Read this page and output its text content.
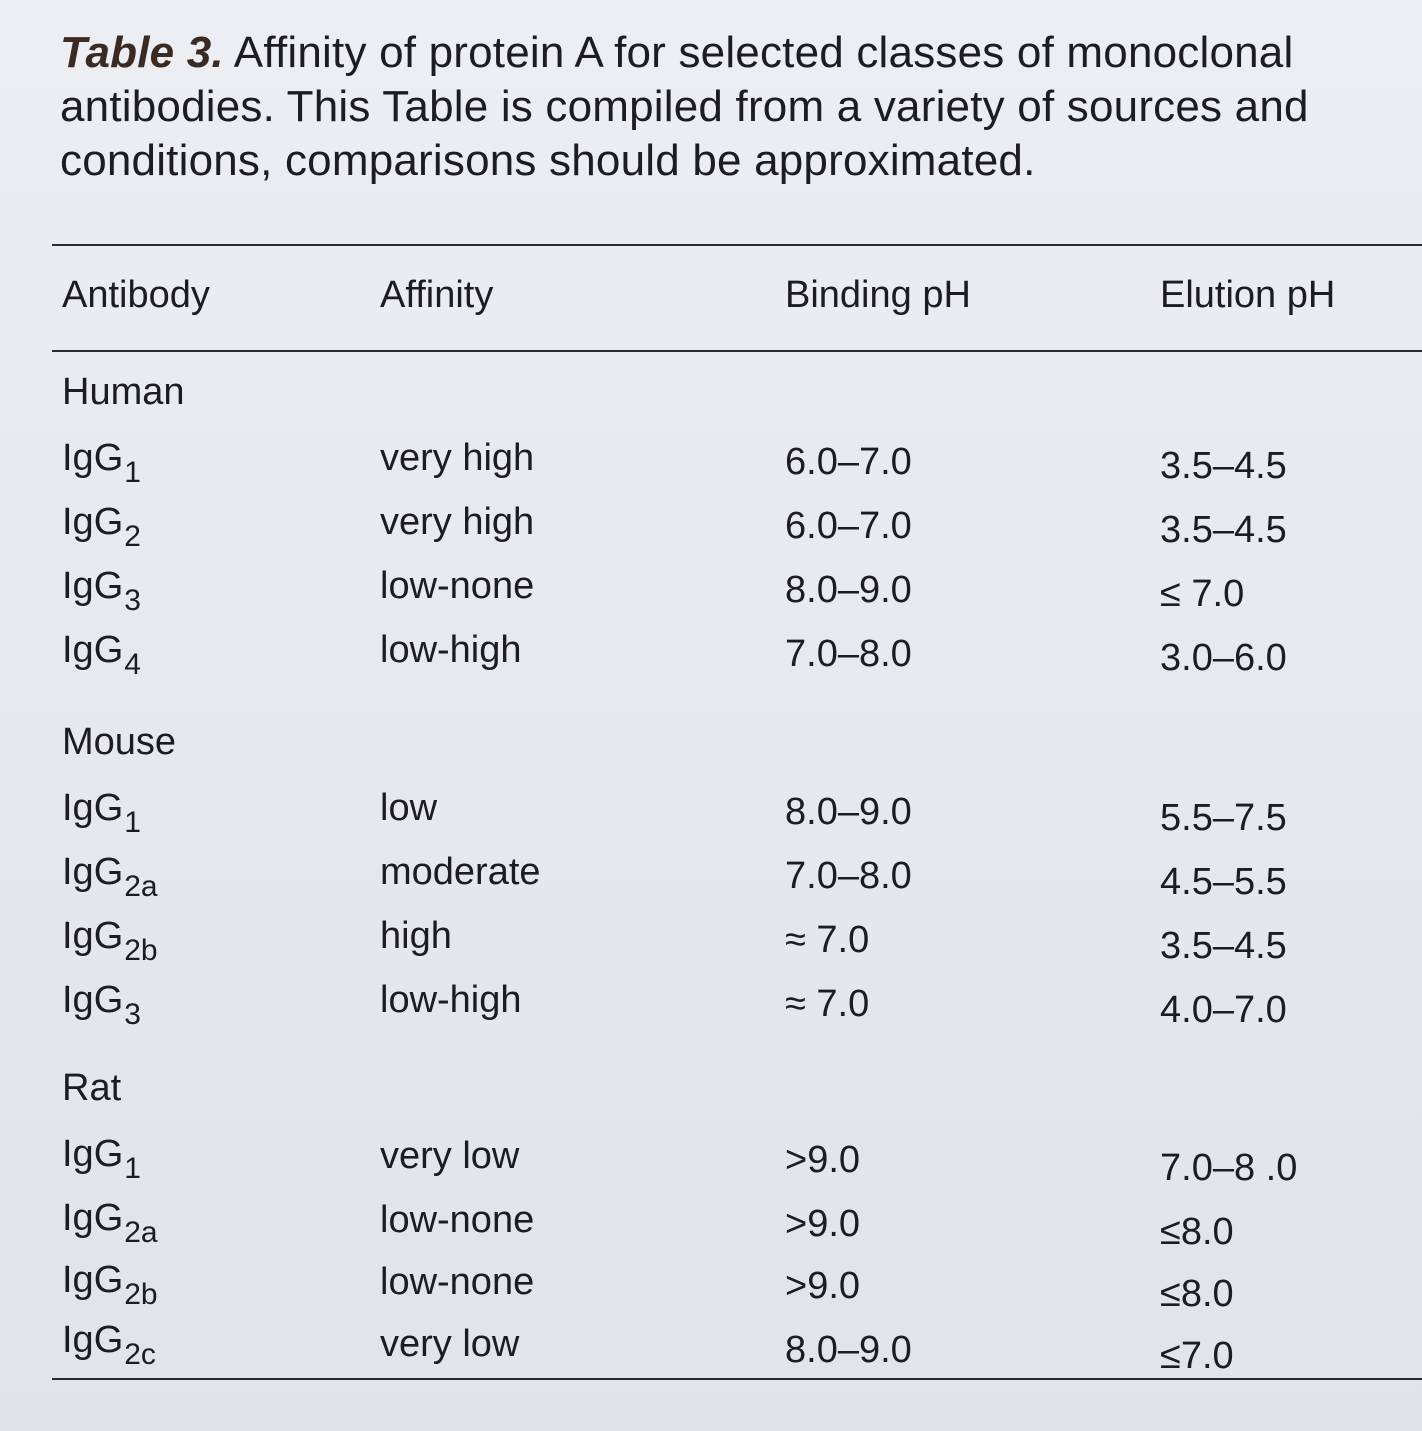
Table 3. Affinity of protein A for selected classes of monoclonal antibodies. This Table is compiled from a variety of sources and conditions, comparisons should be approximated.
Antibody	Affinity	Binding pH	Elution pH
Human
IgG$_1$	very high	6.0–7.0	3.5–4.5
IgG$_2$	very high	6.0–7.0	3.5–4.5
IgG$_3$	low-none	8.0–9.0	≤ 7.0
IgG$_4$	low-high	7.0–8.0	3.0–6.0
Mouse
IgG$_1$	low	8.0–9.0	5.5–7.5
IgG$_{2a}$	moderate	7.0–8.0	4.5–5.5
IgG$_{2b}$	high	≈ 7.0	3.5–4.5
IgG$_3$	low-high	≈ 7.0	4.0–7.0
Rat
IgG$_1$	very low	>9.0	7.0–8 .0
IgG$_{2a}$	low-none	>9.0	≤8.0
IgG$_{2b}$	low-none	>9.0	≤8.0
IgG$_{2c}$	very low	8.0–9.0	≤7.0
